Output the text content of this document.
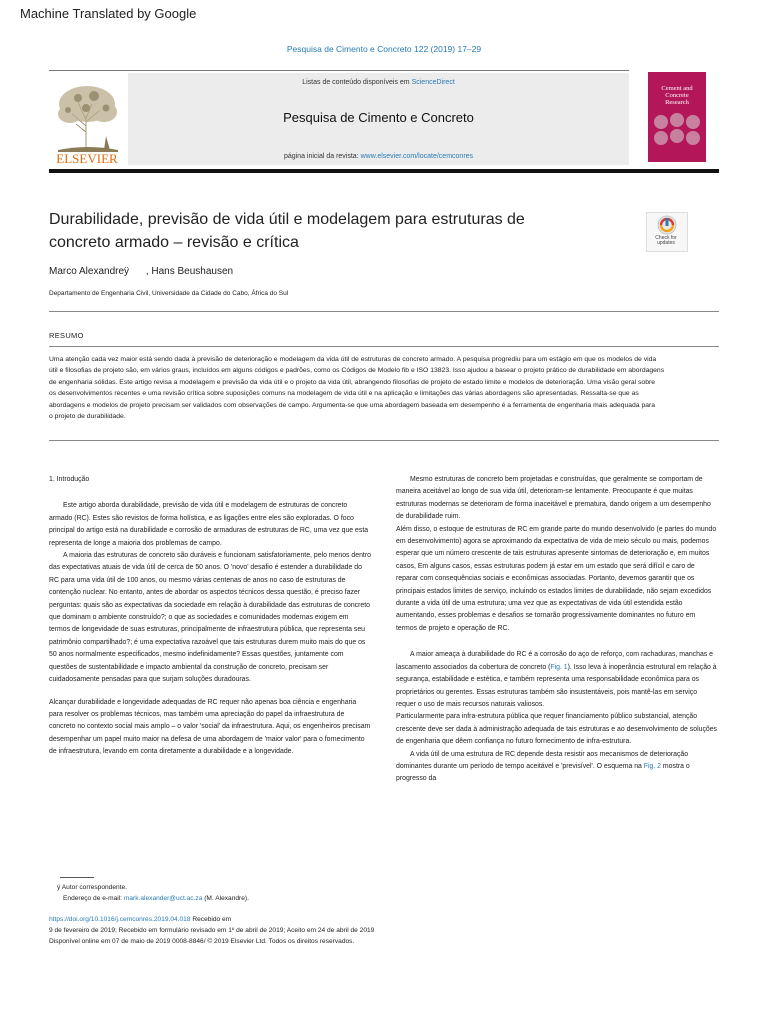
Machine Translated by Google
Pesquisa de Cimento e Concreto 122 (2019) 17–29
ELSEVIER
Listas de conteúdo disponíveis em ScienceDirect
Pesquisa de Cimento e Concreto
página inicial da revista: www.elsevier.com/locate/cemconres
Cement and
Concrete
Research
Durabilidade, previsão de vida útil e modelagem para estruturas de
concreto armado – revisão e crítica	Check for
updates
Marco Alexandreÿ , Hans Beushausen
Departamento de Engenharia Civil, Universidade da Cidade do Cabo, África do Sul
RESUMO
Uma atenção cada vez maior está sendo dada à previsão de deterioração e modelagem da vida útil de estruturas de concreto armado. A pesquisa progrediu para um estágio em que os modelos de vida
útil e filosofias de projeto são, em vários graus, incluídos em alguns códigos e padrões, como os Códigos de Modelo fib e ISO 13823. Isso ajudou a basear o projeto prático de durabilidade em abordagens
de engenharia sólidas. Este artigo revisa a modelagem e previsão da vida útil e o projeto da vida útil, abrangendo filosofias de projeto de estado limite e modelos de deterioração. Uma visão geral sobre
os desenvolvimentos recentes e uma revisão crítica sobre suposições comuns na modelagem de vida útil e na aplicação e limitações das várias abordagens são apresentadas. Ressalta-se que as
abordagens e modelos de projeto precisam ser validados com observações de campo. Argumenta-se que uma abordagem baseada em desempenho é a ferramenta de engenharia mais adequada para
o projeto de durabilidade.

1. Introdução

Este artigo aborda durabilidade, previsão de vida útil e modelagem de estruturas de concreto armado (RC). Estes são revistos de forma holística, e as ligações entre eles são exploradas. O foco principal do artigo está na durabilidade e corrosão de armaduras de estruturas de RC, uma vez que esta representa de longe a maioria dos problemas de campo.

A maioria das estruturas de concreto são duráveis e funcionam satisfatoriamente, pelo menos dentro das expectativas atuais de vida útil de cerca de 50 anos. O 'novo' desafio é estender a durabilidade do RC para uma vida útil de 100 anos, ou mesmo várias centenas de anos no caso de estruturas de contenção nuclear. No entanto, antes de abordar os aspectos técnicos dessa questão, é preciso fazer perguntas: quais são as expectativas da sociedade em relação à durabilidade das estruturas de concreto que dominam o ambiente construído?; o que as sociedades e comunidades modernas exigem em termos de longevidade de suas estruturas, principalmente de infraestrutura pública, que representa seu patrimônio compartilhado?; é uma expectativa razoável que tais estruturas durem muito mais do que os 50 anos normalmente especificados, mesmo indefinidamente? Essas questões, juntamente com questões de sustentabilidade e impacto ambiental da construção de concreto, precisam ser cuidadosamente pensadas para que surjam soluções duradouras.

Alcançar durabilidade e longevidade adequadas de RC requer não apenas boa ciência e engenharia para resolver os problemas técnicos, mas também uma apreciação do papel da infraestrutura de concreto no contexto social mais amplo – o valor 'social' da infraestrutura. Aqui, os engenheiros precisam desempenhar um papel muito maior na defesa de uma abordagem de 'maior valor' para o fornecimento de infraestrutura, levando em conta diretamente a durabilidade e a longevidade.

Mesmo estruturas de concreto bem projetadas e construídas, que geralmente se comportam de maneira aceitável ao longo de sua vida útil, deterioram-se lentamente. Preocupante é que muitas estruturas modernas se deterioram de forma inaceitável e prematura, dando origem a um desempenho de durabilidade ruim.

Além disso, o estoque de estruturas de RC em grande parte do mundo desenvolvido (e partes do mundo em desenvolvimento) agora se aproximando da expectativa de vida de meio século ou mais, podemos esperar que um número crescente de tais estruturas apresente sintomas de deterioração e, em muitos casos, Em alguns casos, essas estruturas podem já estar em um estado que será difícil e caro de reparar com consequências sociais e econômicas associadas. Portanto, devemos garantir que os principais estados limites de serviço, incluindo os estados limites de durabilidade, não sejam excedidos durante a vida útil de uma estrutura; uma vez que as expectativas de vida útil estendida estão aumentando, esses problemas e desafios se tornarão progressivamente dominantes no futuro em termos de projeto e operação de RC.

A maior ameaça à durabilidade do RC é a corrosão do aço de reforço, com rachaduras, manchas e lascamento associados da cobertura de concreto (Fig. 1). Isso leva à inoperância estrutural em relação à segurança, estabilidade e estética, e também representa uma responsabilidade econômica para os proprietários ou gerentes. Essas estruturas também são insustentáveis, pois mantê-las em serviço requer o uso de mais recursos naturais valiosos.

Particularmente para infra-estrutura pública que requer financiamento público substancial, atenção crescente deve ser dada à administração adequada de tais estruturas e ao desenvolvimento de soluções de engenharia que dêem confiança no futuro fornecimento de infra-estrutura.

A vida útil de uma estrutura de RC depende desta resistir aos mecanismos de deterioração dominantes durante um período de tempo aceitável e 'previsível'. O esquema na Fig. 2 mostra o progresso da

ÿ Autor correspondente.
Endereço de e-mail: mark.alexander@uct.ac.za (M. Alexandre).
https://doi.org/10.1016/j.cemconres.2019.04.018 Recebido em
9 de fevereiro de 2019; Recebido em formulário revisado em 1º de abril de 2019; Aceito em 24 de abril de 2019
Disponível online em 07 de maio de 2019 0008-8846/ © 2019 Elsevier Ltd. Todos os direitos reservados.
